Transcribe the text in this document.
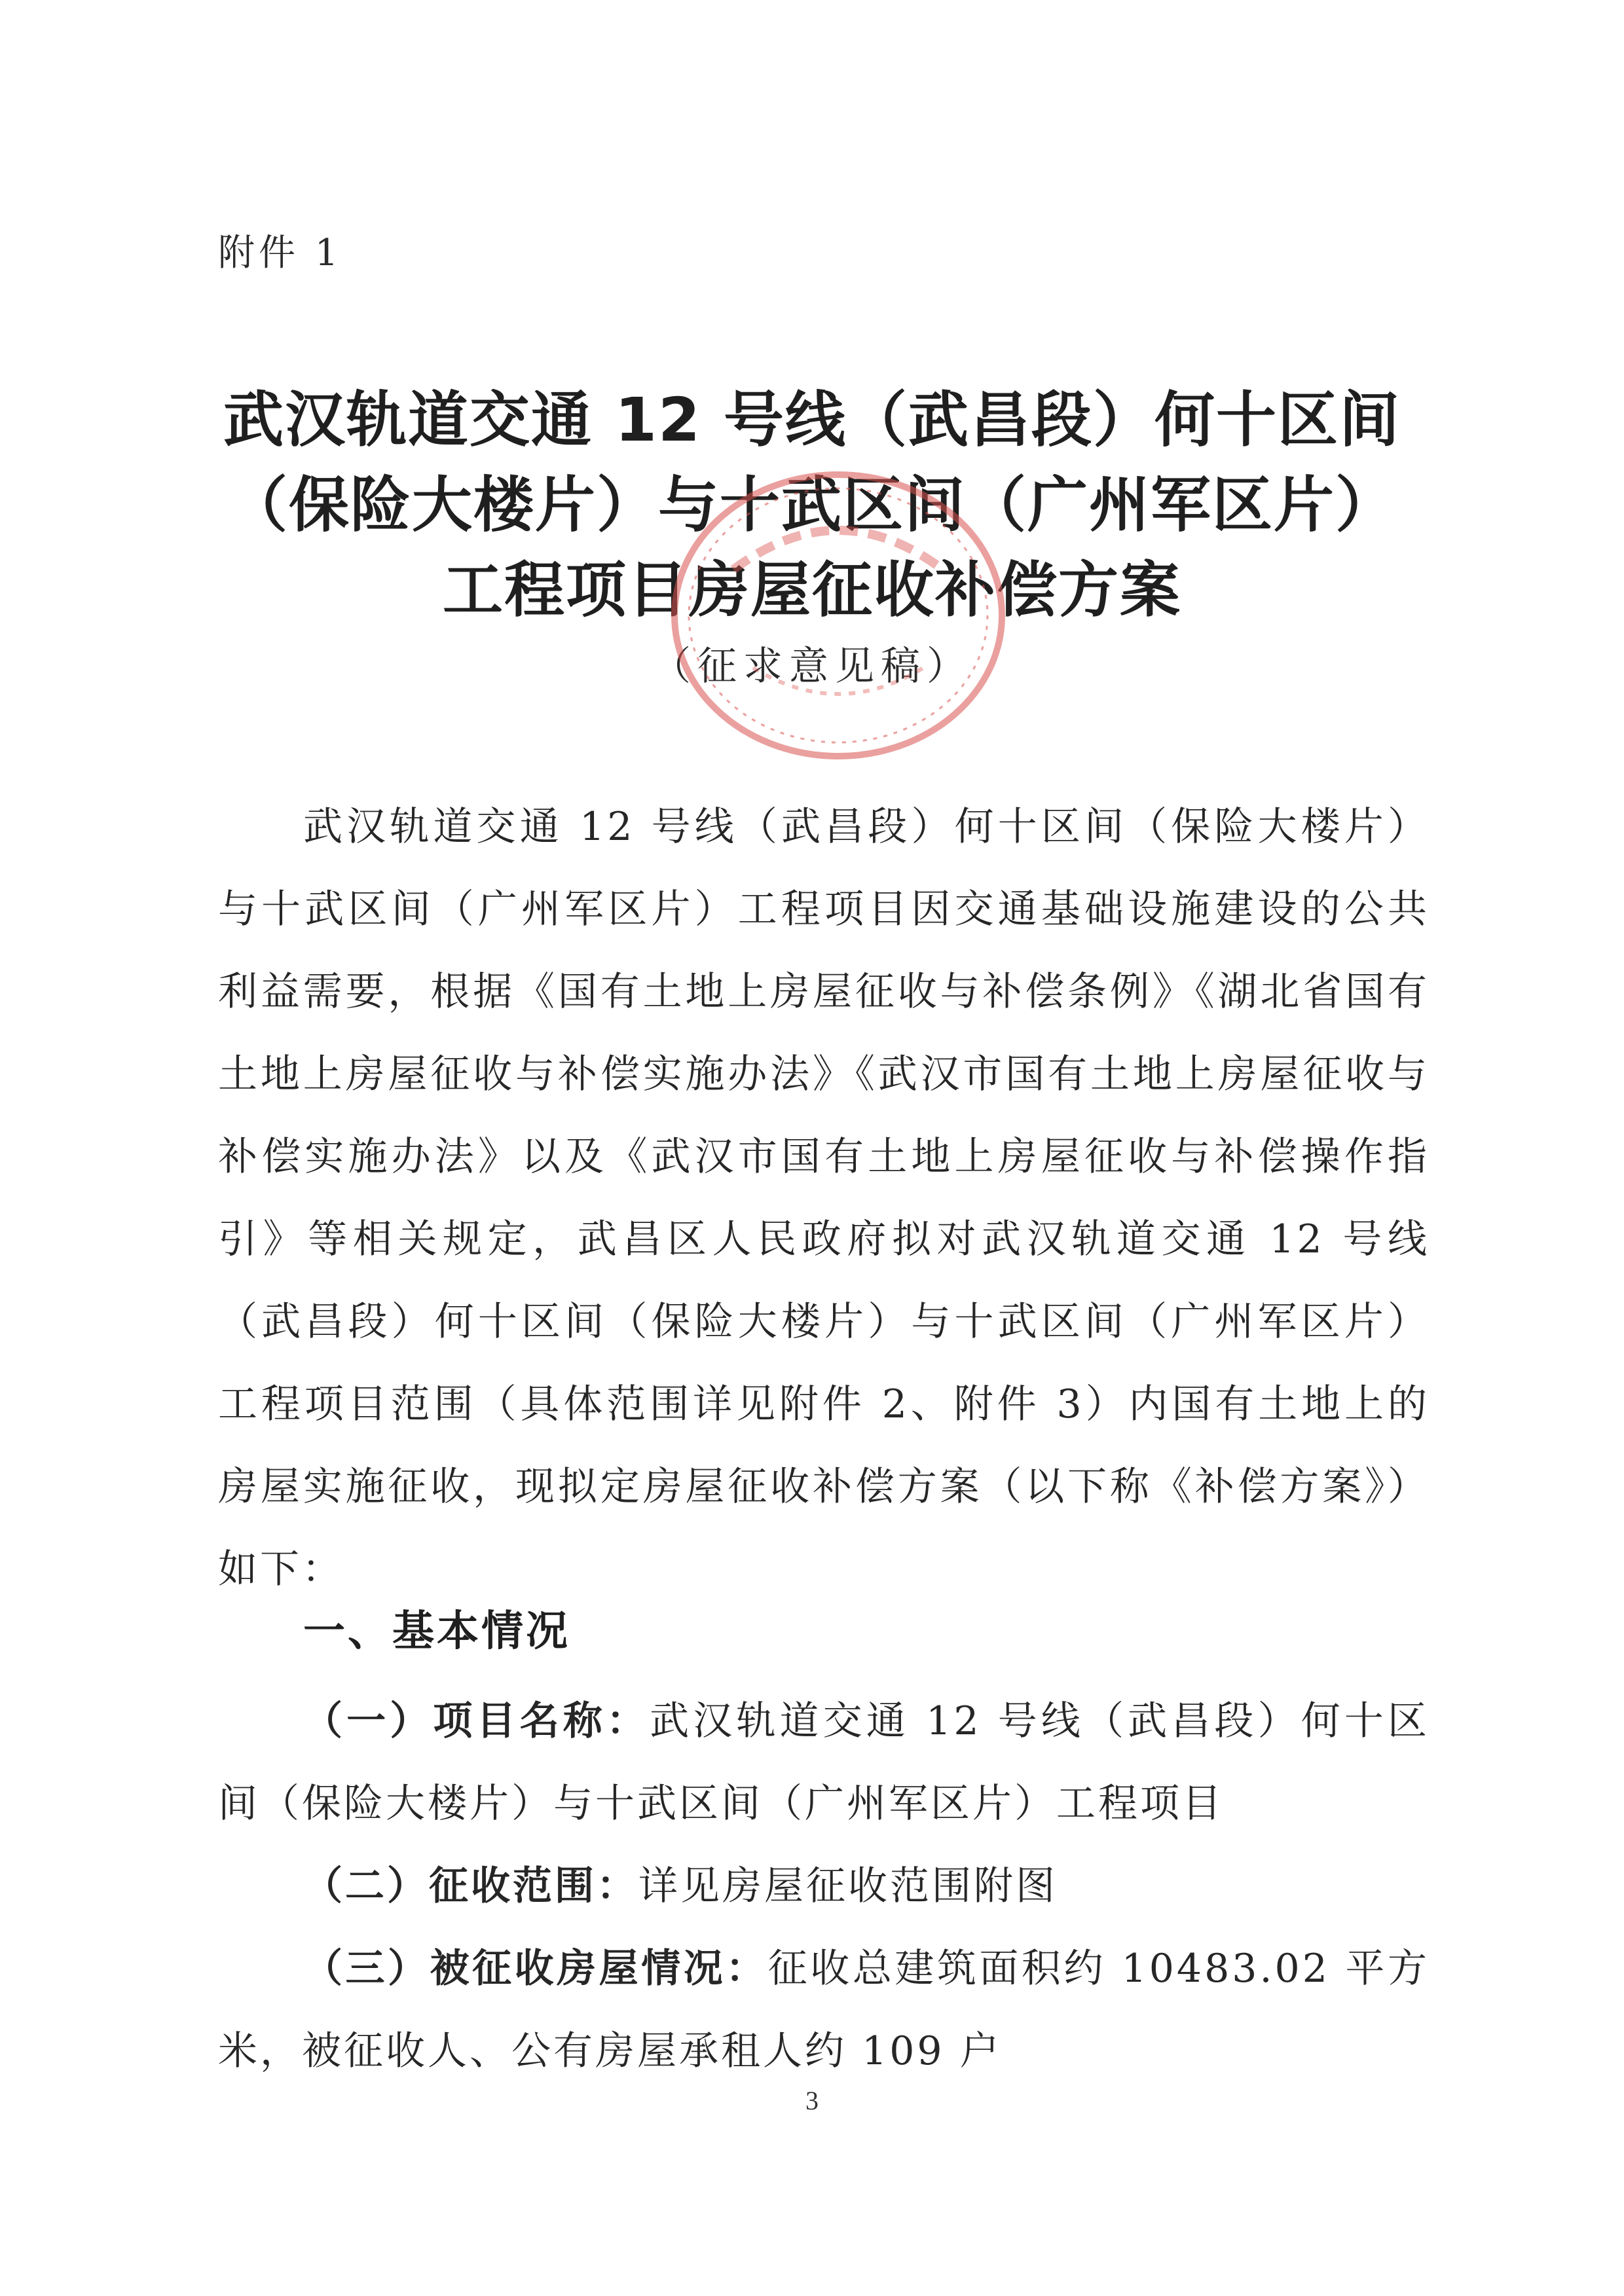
附件 1
武汉轨道交通 12 号线（武昌段）何十区间
（保险大楼片）与十武区间（广州军区片）
工程项目房屋征收补偿方案
（征求意见稿）
武汉轨道交通 12 号线（武昌段）何十区间（保险大楼片）与十武区间（广州军区片）工程项目因交通基础设施建设的公共利益需要，根据《国有土地上房屋征收与补偿条例》《湖北省国有土地上房屋征收与补偿实施办法》《武汉市国有土地上房屋征收与补偿实施办法》以及《武汉市国有土地上房屋征收与补偿操作指引》等相关规定，武昌区人民政府拟对武汉轨道交通 12 号线（武昌段）何十区间（保险大楼片）与十武区间（广州军区片）工程项目范围（具体范围详见附件 2、附件 3）内国有土地上的房屋实施征收，现拟定房屋征收补偿方案（以下称《补偿方案》）如下：
一、基本情况
（一）项目名称：武汉轨道交通 12 号线（武昌段）何十区间（保险大楼片）与十武区间（广州军区片）工程项目
（二）征收范围：详见房屋征收范围附图
（三）被征收房屋情况：征收总建筑面积约 10483.02 平方米，被征收人、公有房屋承租人约 109 户
3
